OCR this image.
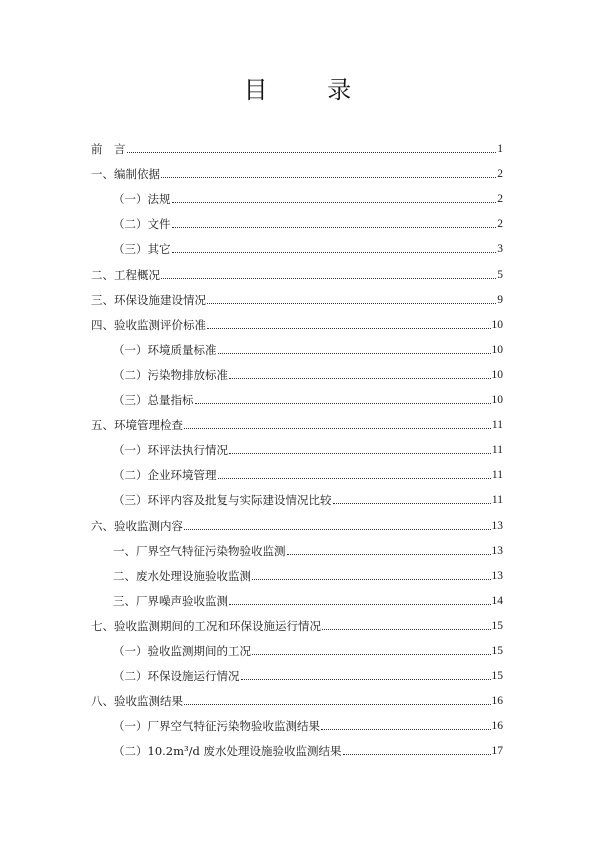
目 录
前　言	1
一、编制依据	2
（一）法规	2
（二）文件	2
（三）其它	3
二、工程概况	5
三、环保设施建设情况	9
四、验收监测评价标准	10
（一）环境质量标准	10
（二）污染物排放标准	10
（三）总量指标	10
五、环境管理检查	11
（一）环评法执行情况	11
（二）企业环境管理	11
（三）环评内容及批复与实际建设情况比较	11
六、验收监测内容	13
一、厂界空气特征污染物验收监测	13
二、废水处理设施验收监测	13
三、厂界噪声验收监测	14
七、验收监测期间的工况和环保设施运行情况	15
（一）验收监测期间的工况	15
（二）环保设施运行情况	15
八、验收监测结果	16
（一）厂界空气特征污染物验收监测结果	16
（二）10.2m³/d 废水处理设施验收监测结果	17
